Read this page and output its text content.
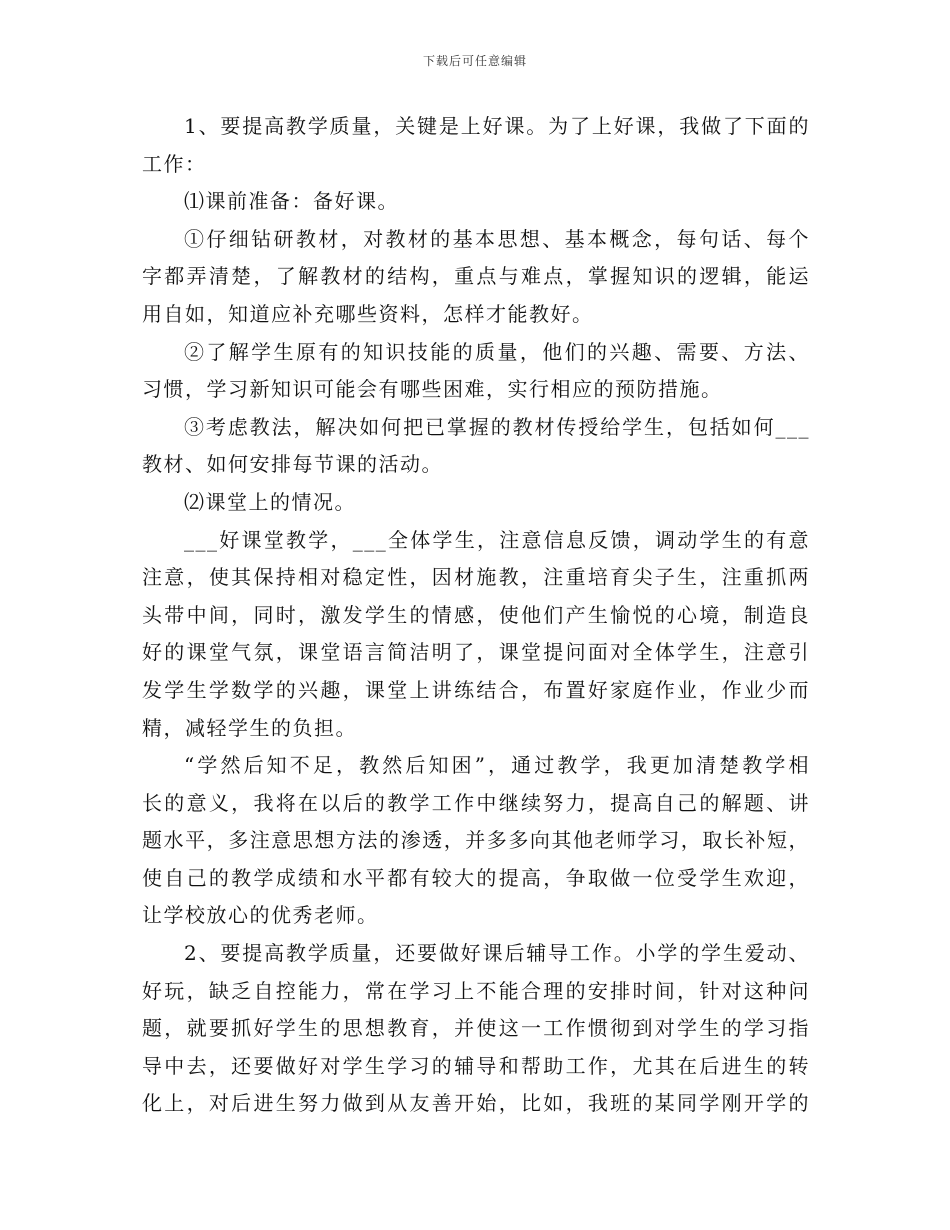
下载后可任意编辑
1、要提高教学质量，关键是上好课。为了上好课，我做了下面的
工作：
⑴课前准备：备好课。
①仔细钻研教材，对教材的基本思想、基本概念，每句话、每个
字都弄清楚，了解教材的结构，重点与难点，掌握知识的逻辑，能运
用自如，知道应补充哪些资料，怎样才能教好。
②了解学生原有的知识技能的质量，他们的兴趣、需要、方法、
习惯，学习新知识可能会有哪些困难，实行相应的预防措施。
③考虑教法，解决如何把已掌握的教材传授给学生，包括如何___
教材、如何安排每节课的活动。
⑵课堂上的情况。
___好课堂教学，___全体学生，注意信息反馈，调动学生的有意
注意，使其保持相对稳定性，因材施教，注重培育尖子生，注重抓两
头带中间，同时，激发学生的情感，使他们产生愉悦的心境，制造良
好的课堂气氛，课堂语言简洁明了，课堂提问面对全体学生，注意引
发学生学数学的兴趣，课堂上讲练结合，布置好家庭作业，作业少而
精，减轻学生的负担。
“学然后知不足，教然后知困”，通过教学，我更加清楚教学相
长的意义，我将在以后的教学工作中继续努力，提高自己的解题、讲
题水平，多注意思想方法的渗透，并多多向其他老师学习，取长补短，
使自己的教学成绩和水平都有较大的提高，争取做一位受学生欢迎，
让学校放心的优秀老师。
2、要提高教学质量，还要做好课后辅导工作。小学的学生爱动、
好玩，缺乏自控能力，常在学习上不能合理的安排时间，针对这种问
题，就要抓好学生的思想教育，并使这一工作惯彻到对学生的学习指
导中去，还要做好对学生学习的辅导和帮助工作，尤其在后进生的转
化上，对后进生努力做到从友善开始，比如，我班的某同学刚开学的
